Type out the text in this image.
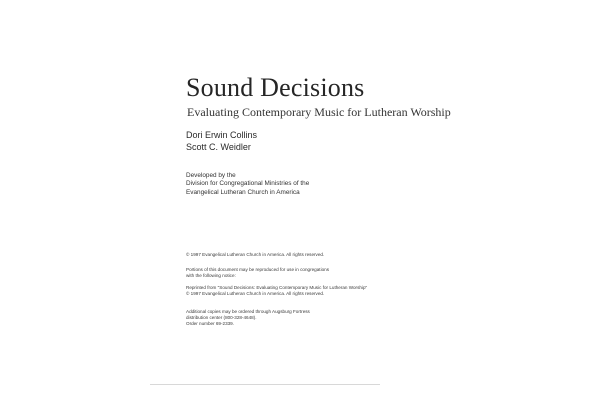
Sound Decisions
Evaluating Contemporary Music for Lutheran Worship
Dori Erwin Collins
Scott C. Weidler
Developed by the
Division for Congregational Ministries of the
Evangelical Lutheran Church in America
© 1997 Evangelical Lutheran Church in America. All rights reserved.
Portions of this document may be reproduced for use in congregations
with the following notice:
Reprinted from "Sound Decisions: Evaluating Contemporary Music for Lutheran Worship"
© 1997 Evangelical Lutheran Church in America. All rights reserved.
Additional copies may be ordered through Augsburg Fortress
distribution center (800-328-4648).
Order number 69-2339.
